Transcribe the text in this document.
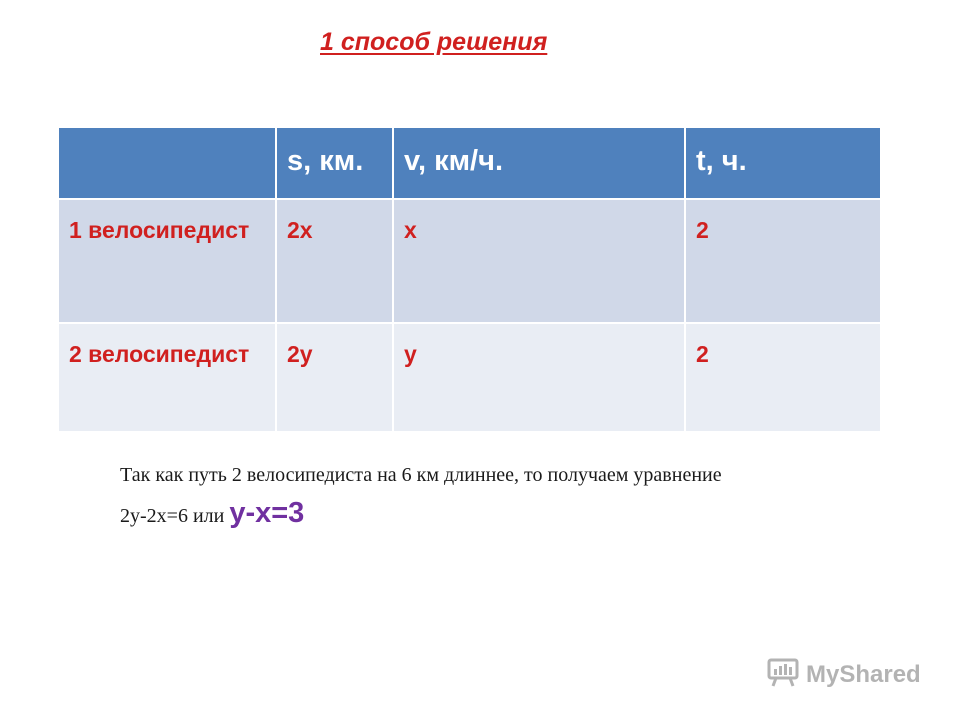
1 способ решения
	s, км.	v, км/ч.	t, ч.
1 велосипедист	2x	x	2
2 велосипедист	2y	y	2
Так как путь 2 велосипедиста на 6 км длиннее, то получаем уравнение
2y-2x=6 или y-x=3
MyShared
